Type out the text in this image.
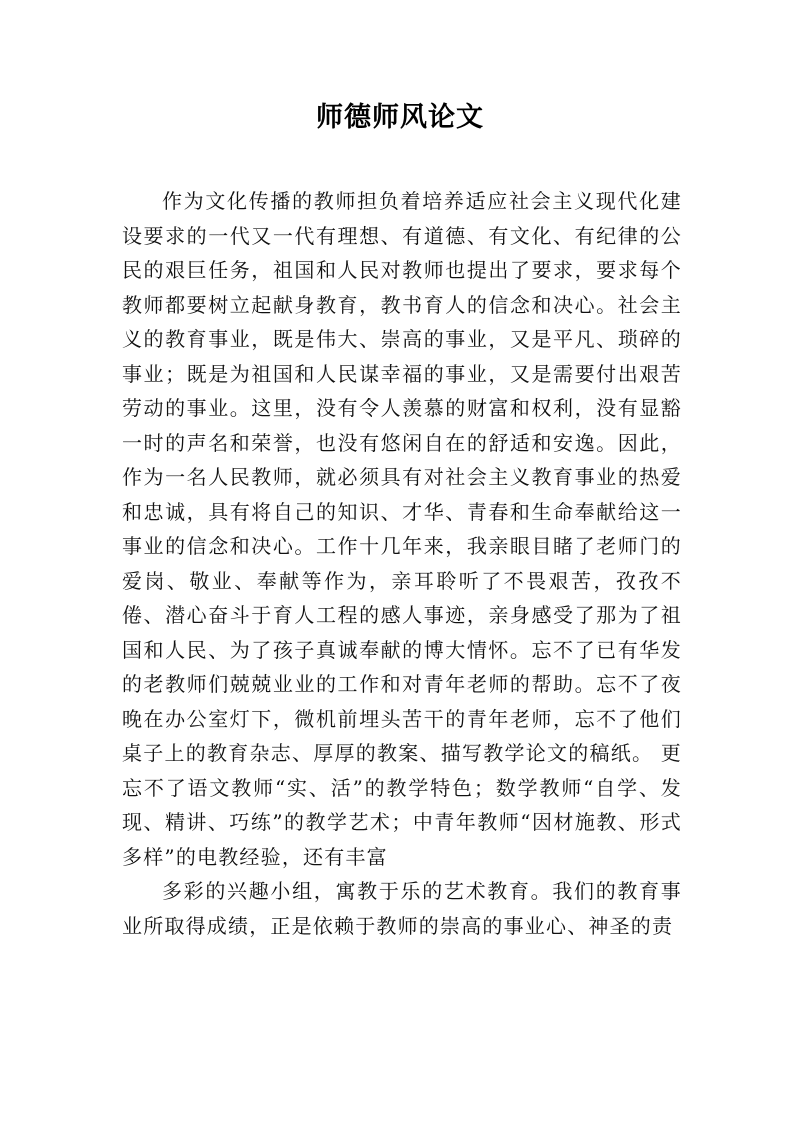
师德师风论文

作为文化传播的教师担负着培养适应社会主义现代化建设要求的一代又一代有理想、有道德、有文化、有纪律的公民的艰巨任务，祖国和人民对教师也提出了要求，要求每个教师都要树立起献身教育，教书育人的信念和决心。社会主义的教育事业，既是伟大、崇高的事业，又是平凡、琐碎的事业；既是为祖国和人民谋幸福的事业，又是需要付出艰苦劳动的事业。这里，没有令人羡慕的财富和权利，没有显豁一时的声名和荣誉，也没有悠闲自在的舒适和安逸。因此，作为一名人民教师，就必须具有对社会主义教育事业的热爱和忠诚，具有将自己的知识、才华、青春和生命奉献给这一事业的信念和决心。工作十几年来，我亲眼目睹了老师门的爱岗、敬业、奉献等作为，亲耳聆听了不畏艰苦，孜孜不倦、潜心奋斗于育人工程的感人事迹，亲身感受了那为了祖国和人民、为了孩子真诚奉献的博大情怀。忘不了已有华发的老教师们兢兢业业的工作和对青年老师的帮助。忘不了夜晚在办公室灯下，微机前埋头苦干的青年老师，忘不了他们桌子上的教育杂志、厚厚的教案、描写教学论文的稿纸。 更忘不了语文教师“实、活”的教学特色；数学教师“自学、发现、精讲、巧练”的教学艺术；中青年教师“因材施教、形式多样”的电教经验，还有丰富

多彩的兴趣小组，寓教于乐的艺术教育。我们的教育事业所取得成绩，正是依赖于教师的崇高的事业心、神圣的责
